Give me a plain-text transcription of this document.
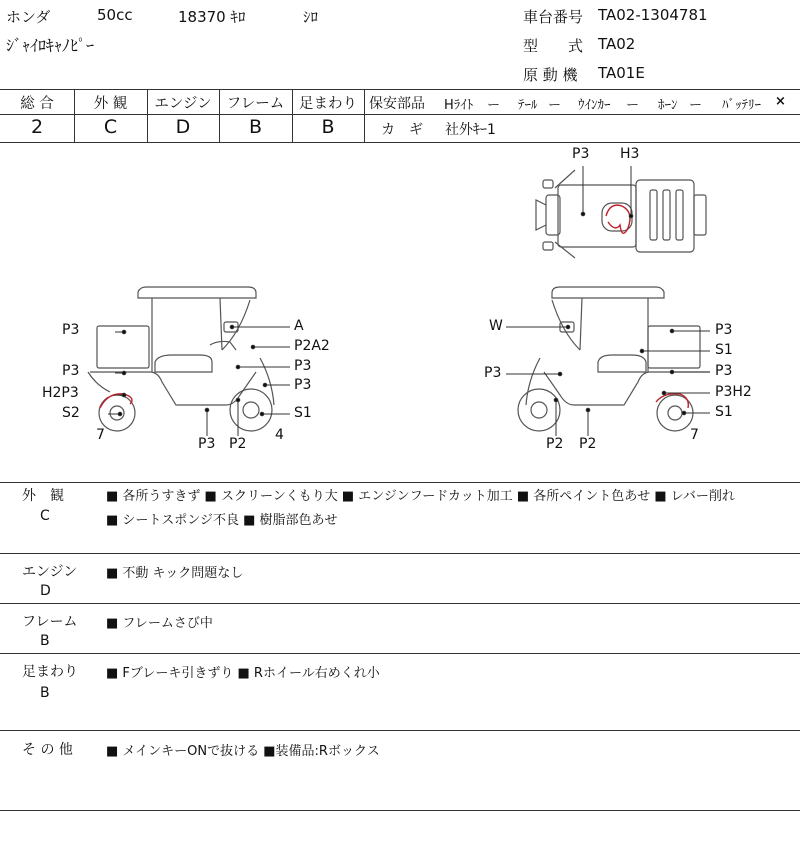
ホンダ	50cc	18370 ｷﾛ	ｼﾛ
ｼﾞｬｲﾛｷｬﾉﾋﾟｰ
車台番号 TA02-1304781
型　　式 TA02
原 動 機 TA01E
総 合	外 観	エンジン	フレーム	足まわり
2	C	D	B	B
保安部品 Hﾗｲﾄ ー ﾃｰﾙ ー ｳｲﾝｶｰ ー ﾎｰﾝ ー ﾊﾞｯﾃﾘｰ ×
カ　ギ 社外ｷｰ1
P3 H3
P3
P3
H2P3
S2
7
A
P2A2
P3
P3
S1
P3 P2
4
W
P3
P3
S1
P3
P3H2
S1
7
P2 P2
外　観
C
■ 各所うすきず ■ スクリーンくもり大 ■ エンジンフードカット加工 ■ 各所ペイント色あせ ■ レバー削れ
■ シートスポンジ不良 ■ 樹脂部色あせ
エンジン
D
■ 不動 キック問題なし
フレーム
B
■ フレームさび中
足まわり
B
■ Fブレーキ引きずり ■ Rホイール右めくれ小
そ の 他	■ メインキーONで抜ける ■装備品:Rボックス
